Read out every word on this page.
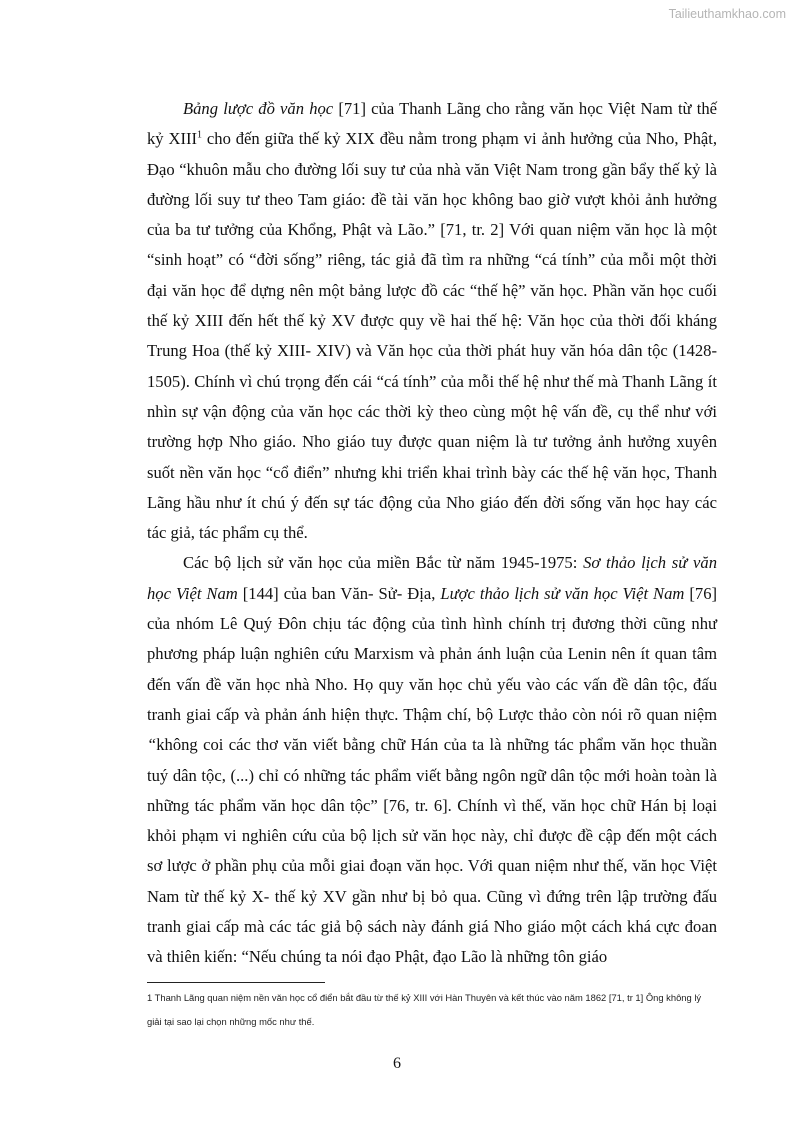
Tailieuthamkhao.com

Bảng lược đồ văn học [71] của Thanh Lãng cho rằng văn học Việt Nam từ thế kỷ XIII$^1$ cho đến giữa thế kỷ XIX đều nằm trong phạm vi ảnh hưởng của Nho, Phật, Đạo “khuôn mẫu cho đường lối suy tư của nhà văn Việt Nam trong gần bẩy thế kỷ là đường lối suy tư theo Tam giáo: đề tài văn học không bao giờ vượt khỏi ảnh hưởng của ba tư tưởng của Khổng, Phật và Lão.” [71, tr. 2] Với quan niệm văn học là một “sinh hoạt” có “đời sống” riêng, tác giả đã tìm ra những “cá tính” của mỗi một thời đại văn học để dựng nên một bảng lược đồ các “thế hệ” văn học. Phần văn học cuối thế kỷ XIII đến hết thế kỷ XV được quy về hai thế hệ: Văn học của thời đối kháng Trung Hoa (thế kỷ XIII- XIV) và Văn học của thời phát huy văn hóa dân tộc (1428-1505). Chính vì chú trọng đến cái “cá tính” của mỗi thế hệ như thế mà Thanh Lãng ít nhìn sự vận động của văn học các thời kỳ theo cùng một hệ vấn đề, cụ thể như với trường hợp Nho giáo. Nho giáo tuy được quan niệm là tư tưởng ảnh hưởng xuyên suốt nền văn học “cổ điển” nhưng khi triển khai trình bày các thế hệ văn học, Thanh Lãng hầu như ít chú ý đến sự tác động của Nho giáo đến đời sống văn học hay các tác giả, tác phẩm cụ thể.

Các bộ lịch sử văn học của miền Bắc từ năm 1945-1975: Sơ thảo lịch sử văn học Việt Nam [144] của ban Văn- Sử- Địa, Lược thảo lịch sử văn học Việt Nam [76] của nhóm Lê Quý Đôn chịu tác động của tình hình chính trị đương thời cũng như phương pháp luận nghiên cứu Marxism và phản ánh luận của Lenin nên ít quan tâm đến vấn đề văn học nhà Nho. Họ quy văn học chủ yếu vào các vấn đề dân tộc, đấu tranh giai cấp và phản ánh hiện thực. Thậm chí, bộ Lược thảo còn nói rõ quan niệm “không coi các thơ văn viết bằng chữ Hán của ta là những tác phẩm văn học thuần tuý dân tộc, (...) chỉ có những tác phẩm viết bằng ngôn ngữ dân tộc mới hoàn toàn là những tác phẩm văn học dân tộc” [76, tr. 6]. Chính vì thế, văn học chữ Hán bị loại khỏi phạm vi nghiên cứu của bộ lịch sử văn học này, chỉ được đề cập đến một cách sơ lược ở phần phụ của mỗi giai đoạn văn học. Với quan niệm như thế, văn học Việt Nam từ thế kỷ X- thế kỷ XV gần như bị bỏ qua. Cũng vì đứng trên lập trường đấu tranh giai cấp mà các tác giả bộ sách này đánh giá Nho giáo một cách khá cực đoan và thiên kiến: “Nếu chúng ta nói đạo Phật, đạo Lão là những tôn giáo

1 Thanh Lãng quan niệm nền văn học cổ điển bắt đầu từ thế kỷ XIII với Hàn Thuyên và kết thúc vào năm 1862 [71, tr 1] Ông không lý giải tại sao lại chọn những mốc như thế.

6
